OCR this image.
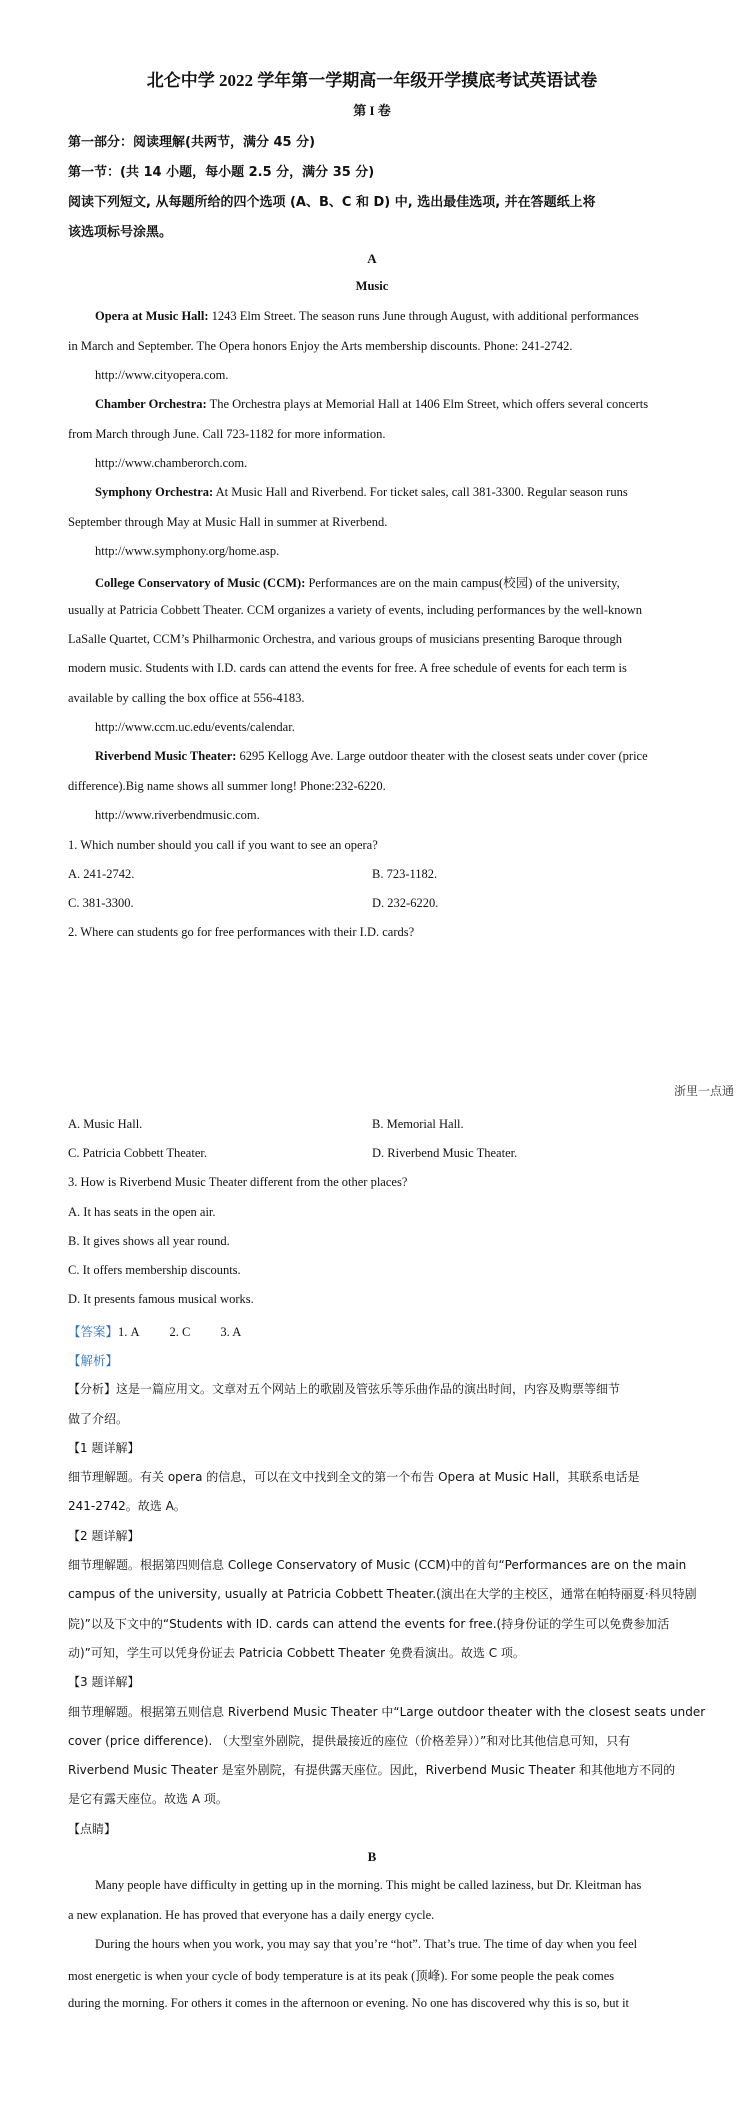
北仑中学 2022 学年第一学期高一年级开学摸底考试英语试卷
第 I 卷
第一部分：阅读理解(共两节，满分 45 分)
第一节：(共 14 小题，每小题 2.5 分，满分 35 分)
阅读下列短文, 从每题所给的四个选项 (A、B、C 和 D) 中, 选出最佳选项, 并在答题纸上将
该选项标号涂黑。
A
Music
Opera at Music Hall: 1243 Elm Street. The season runs June through August, with additional performances
in March and September. The Opera honors Enjoy the Arts membership discounts. Phone: 241-2742.
http://www.cityopera.com.
Chamber Orchestra: The Orchestra plays at Memorial Hall at 1406 Elm Street, which offers several concerts
from March through June. Call 723-1182 for more information.
http://www.chamberorch.com.
Symphony Orchestra: At Music Hall and Riverbend. For ticket sales, call 381-3300. Regular season runs
September through May at Music Hall in summer at Riverbend.
http://www.symphony.org/home.asp.
College Conservatory of Music (CCM): Performances are on the main campus(校园) of the university,
usually at Patricia Cobbett Theater. CCM organizes a variety of events, including performances by the well-known
LaSalle Quartet, CCM’s Philharmonic Orchestra, and various groups of musicians presenting Baroque through
modern music. Students with I.D. cards can attend the events for free. A free schedule of events for each term is
available by calling the box office at 556-4183.
http://www.ccm.uc.edu/events/calendar.
Riverbend Music Theater: 6295 Kellogg Ave. Large outdoor theater with the closest seats under cover (price
difference).Big name shows all summer long! Phone:232-6220.
http://www.riverbendmusic.com.
1. Which number should you call if you want to see an opera?
A. 241-2742.	B. 723-1182.
C. 381-3300.	D. 232-6220.
2. Where can students go for free performances with their I.D. cards?
浙里一点通
A. Music Hall.	B. Memorial Hall.
C. Patricia Cobbett Theater.	D. Riverbend Music Theater.
3. How is Riverbend Music Theater different from the other places?
A. It has seats in the open air.
B. It gives shows all year round.
C. It offers membership discounts.
D. It presents famous musical works.
【答案】1. A 2. C 3. A
【解析】
【分析】这是一篇应用文。文章对五个网站上的歌剧及管弦乐等乐曲作品的演出时间，内容及购票等细节
做了介绍。
【1 题详解】
细节理解题。有关 opera 的信息，可以在文中找到全文的第一个布告 Opera at Music Hall，其联系电话是
241-2742。故选 A。
【2 题详解】
细节理解题。根据第四则信息 College Conservatory of Music (CCM)中的首句“Performances are on the main
campus of the university, usually at Patricia Cobbett Theater.(演出在大学的主校区，通常在帕特丽夏·科贝特剧
院)”以及下文中的“Students with ID. cards can attend the events for free.(持身份证的学生可以免费参加活
动)”可知，学生可以凭身份证去 Patricia Cobbett Theater 免费看演出。故选 C 项。
【3 题详解】
细节理解题。根据第五则信息 Riverbend Music Theater 中“Large outdoor theater with the closest seats under
cover (price difference). （大型室外剧院，提供最接近的座位（价格差异））”和对比其他信息可知，只有
Riverbend Music Theater 是室外剧院，有提供露天座位。因此，Riverbend Music Theater 和其他地方不同的
是它有露天座位。故选 A 项。
【点睛】
B
Many people have difficulty in getting up in the morning. This might be called laziness, but Dr. Kleitman has
a new explanation. He has proved that everyone has a daily energy cycle.
During the hours when you work, you may say that you’re “hot”. That’s true. The time of day when you feel
most energetic is when your cycle of body temperature is at its peak (顶峰). For some people the peak comes
during the morning. For others it comes in the afternoon or evening. No one has discovered why this is so, but it
